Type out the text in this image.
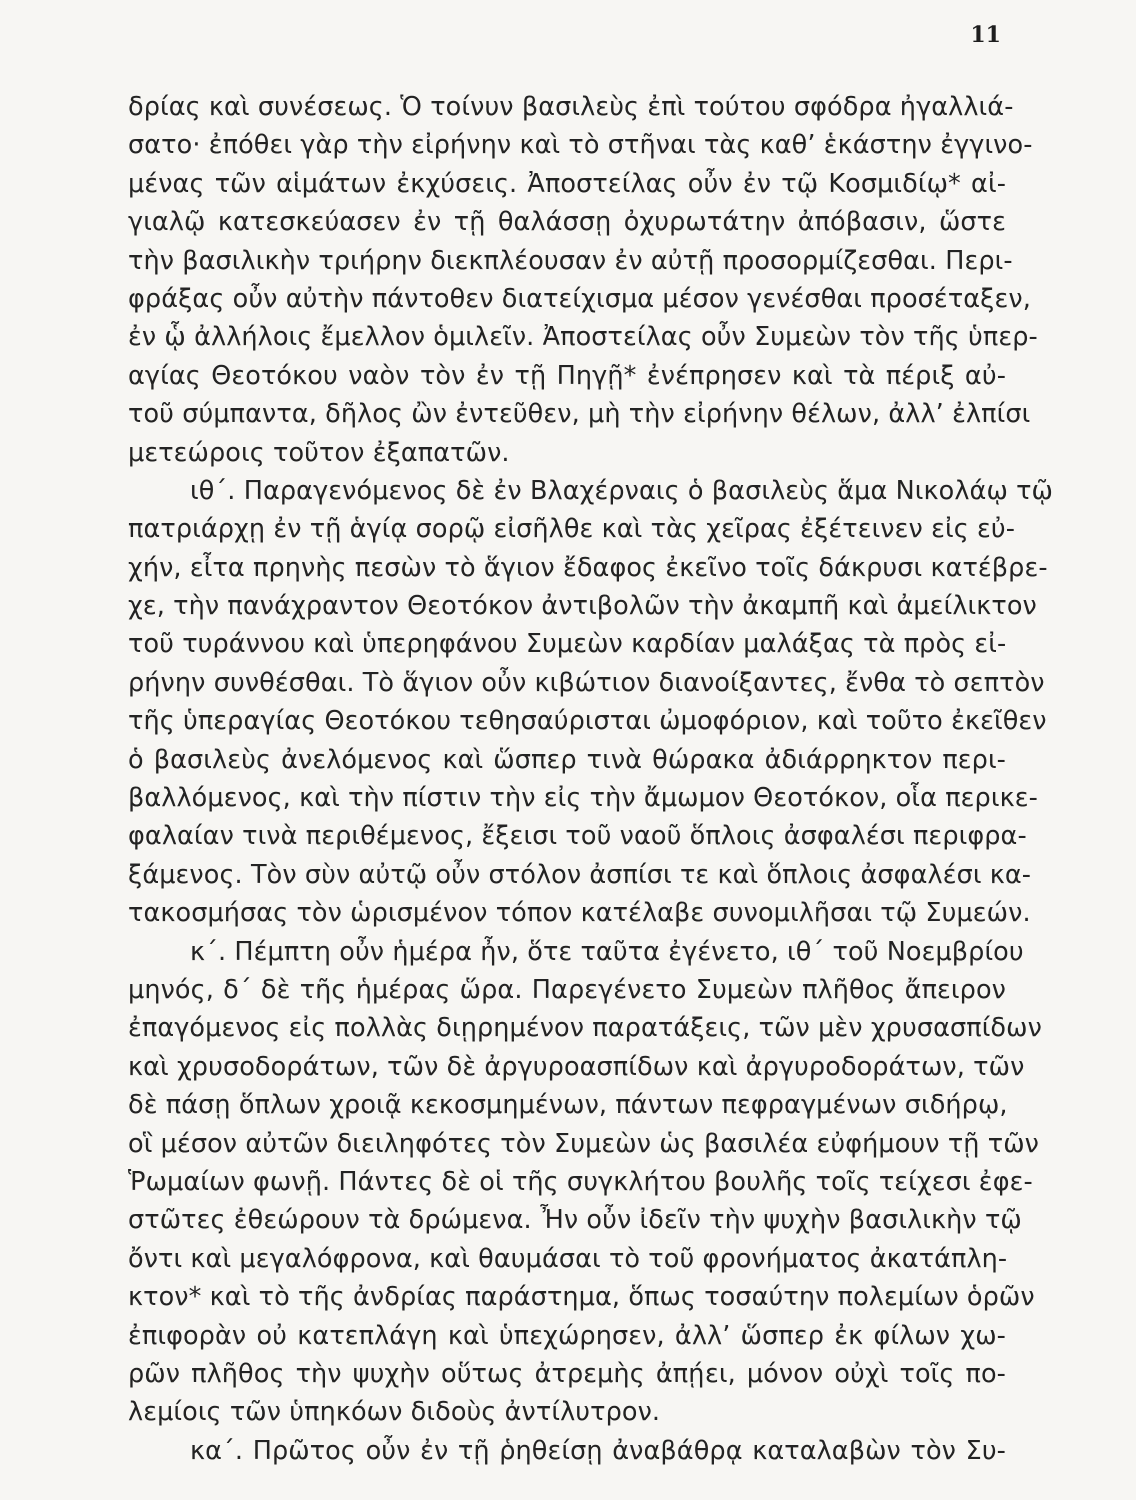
11
δρίας καὶ συνέσεως. Ὁ τοίνυν βασιλεὺς ἐπὶ τούτου σφόδρα ἠγαλλιά-
σατο· ἐπόθει γὰρ τὴν εἰρήνην καὶ τὸ στῆναι τὰς καθ’ ἑκάστην ἐγγινο-
μένας τῶν αἱμάτων ἐκχύσεις. Ἀποστείλας οὖν ἐν τῷ Κοσμιδίῳ* αἰ-
γιαλῷ κατεσκεύασεν ἐν τῇ θαλάσσῃ ὀχυρωτάτην ἀπόβασιν, ὥστε
τὴν βασιλικὴν τριήρην διεκπλέουσαν ἐν αὐτῇ προσορμίζεσθαι. Περι-
φράξας οὖν αὐτὴν πάντοθεν διατείχισμα μέσον γενέσθαι προσέταξεν,
ἐν ᾧ ἀλλήλοις ἔμελλον ὁμιλεῖν. Ἀποστείλας οὖν Συμεὼν τὸν τῆς ὑπερ-
αγίας Θεοτόκου ναὸν τὸν ἐν τῇ Πηγῇ* ἐνέπρησεν καὶ τὰ πέριξ αὐ-
τοῦ σύμπαντα, δῆλος ὢν ἐντεῦθεν, μὴ τὴν εἰρήνην θέλων, ἀλλ’ ἐλπίσι
μετεώροις τοῦτον ἐξαπατῶν.
ιθ΄. Παραγενόμενος δὲ ἐν Βλαχέρναις ὁ βασιλεὺς ἅμα Νικολάῳ τῷ
πατριάρχῃ ἐν τῇ ἁγίᾳ σορῷ εἰσῆλθε καὶ τὰς χεῖρας ἐξέτεινεν εἰς εὐ-
χήν, εἶτα πρηνὴς πεσὼν τὸ ἅγιον ἔδαφος ἐκεῖνο τοῖς δάκρυσι κατέβρε-
χε, τὴν πανάχραντον Θεοτόκον ἀντιβολῶν τὴν ἀκαμπῆ καὶ ἀμείλικτον
τοῦ τυράννου καὶ ὑπερηφάνου Συμεὼν καρδίαν μαλάξας τὰ πρὸς εἰ-
ρήνην συνθέσθαι. Τὸ ἅγιον οὖν κιβώτιον διανοίξαντες, ἔνθα τὸ σεπτὸν
τῆς ὑπεραγίας Θεοτόκου τεθησαύρισται ὠμοφόριον, καὶ τοῦτο ἐκεῖθεν
ὁ βασιλεὺς ἀνελόμενος καὶ ὥσπερ τινὰ θώρακα ἀδιάρρηκτον περι-
βαλλόμενος, καὶ τὴν πίστιν τὴν εἰς τὴν ἄμωμον Θεοτόκον, οἷα περικε-
φαλαίαν τινὰ περιθέμενος, ἔξεισι τοῦ ναοῦ ὅπλοις ἀσφαλέσι περιφρα-
ξάμενος. Τὸν σὺν αὐτῷ οὖν στόλον ἀσπίσι τε καὶ ὅπλοις ἀσφαλέσι κα-
τακοσμήσας τὸν ὡρισμένον τόπον κατέλαβε συνομιλῆσαι τῷ Συμεών.
κ΄. Πέμπτη οὖν ἡμέρα ἦν, ὅτε ταῦτα ἐγένετο, ιθ΄ τοῦ Νοεμβρίου
μηνός, δ΄ δὲ τῆς ἡμέρας ὥρα. Παρεγένετο Συμεὼν πλῆθος ἄπειρον
ἐπαγόμενος εἰς πολλὰς διῃρημένον παρατάξεις, τῶν μὲν χρυσασπίδων
καὶ χρυσοδοράτων, τῶν δὲ ἀργυροασπίδων καὶ ἀργυροδοράτων, τῶν
δὲ πάσῃ ὅπλων χροιᾷ κεκοσμημένων, πάντων πεφραγμένων σιδήρῳ,
οἳ μέσον αὐτῶν διειληφότες τὸν Συμεὼν ὡς βασιλέα εὐφήμουν τῇ τῶν
Ῥωμαίων φωνῇ. Πάντες δὲ οἱ τῆς συγκλήτου βουλῆς τοῖς τείχεσι ἐφε-
στῶτες ἐθεώρουν τὰ δρώμενα. Ἦν οὖν ἰδεῖν τὴν ψυχὴν βασιλικὴν τῷ
ὄντι καὶ μεγαλόφρονα, καὶ θαυμάσαι τὸ τοῦ φρονήματος ἀκατάπλη-
κτον* καὶ τὸ τῆς ἀνδρίας παράστημα, ὅπως τοσαύτην πολεμίων ὁρῶν
ἐπιφορὰν οὐ κατεπλάγη καὶ ὑπεχώρησεν, ἀλλ’ ὥσπερ ἐκ φίλων χω-
ρῶν πλῆθος τὴν ψυχὴν οὕτως ἀτρεμὴς ἀπῄει, μόνον οὐχὶ τοῖς πο-
λεμίοις τῶν ὑπηκόων διδοὺς ἀντίλυτρον.
κα΄. Πρῶτος οὖν ἐν τῇ ῥηθείσῃ ἀναβάθρᾳ καταλαβὼν τὸν Συ-
